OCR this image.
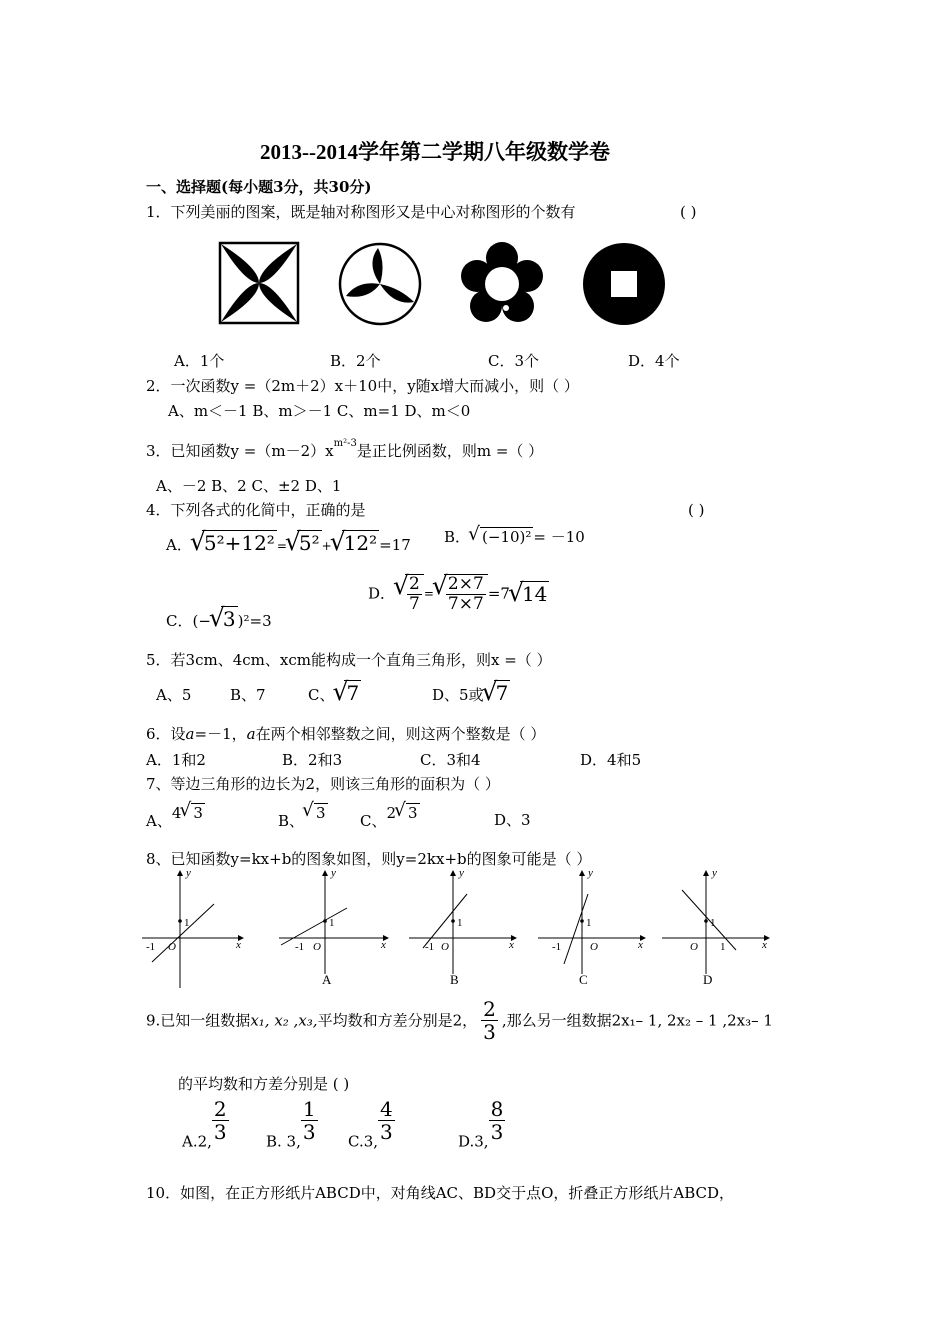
2013--2014学年第二学期八年级数学卷
一、选择题(每小题3分，共30分)
1．下列美丽的图案，既是轴对称图形又是中心对称图形的个数有	( )
A．1个	B．2个	C．3个	D．4个
2．一次函数y =（2m＋2）x＋10中，y随x增大而减小，则（ ）
A、m＜－1 B、m＞－1 C、m=1 D、m＜0
3．已知函数$y =(m-2)x^{m^2-3}$是正比例函数，则m =（ ）
A、－2 B、2 C、±2 D、1
4．下列各式的化简中，正确的是	( )
A．√ 5²+12² =√ 5² +√ 12² =17 B．√ (−10)² = －10
C．(−√ 3 )²=3
D．
√ $\frac{2}{7}$ =
√ $\frac{2\times 7}{7\times 7} =7√$ 14
5．若3cm、4cm、xcm能构成一个直角三角形，则x =（ ）
A、5	B、7	C、√ 7	D、5或√ 7
6．设a=－1，a在两个相邻整数之间，则这两个整数是（ ）
A．1和2	B．2和3	C．3和4	D．4和5
7、等边三角形的边长为2，则该三角形的面积为（ ）
A、4√ 3	B、√ 3 C、2√ 3	D、3
8、已知函数y=kx+b的图象如图，则y=2kx+b的图象可能是（ ）
y
x
O
1
-1
y
x
O
1
-1
y
x
O
1
-1
y
x
O
1
-1
y
x
O
1
1
A	B	C	D
9.已知一组数据x₁, x₂ ,x₃,平均数和方差分别是2， $\frac{2}{3}$ ,那么另一组数据2x₁– 1, 2x₂ – 1 ,2x₃– 1
的平均数和方差分别是 ( )
A.2, $\frac{2}{3} B$. 3, $\frac{1}{3} C.3$, $\frac{4}{3}$	D.3, $\frac{8}{3}$
10．如图，在正方形纸片ABCD中，对角线AC、BD交于点O，折叠正方形纸片ABCD，
